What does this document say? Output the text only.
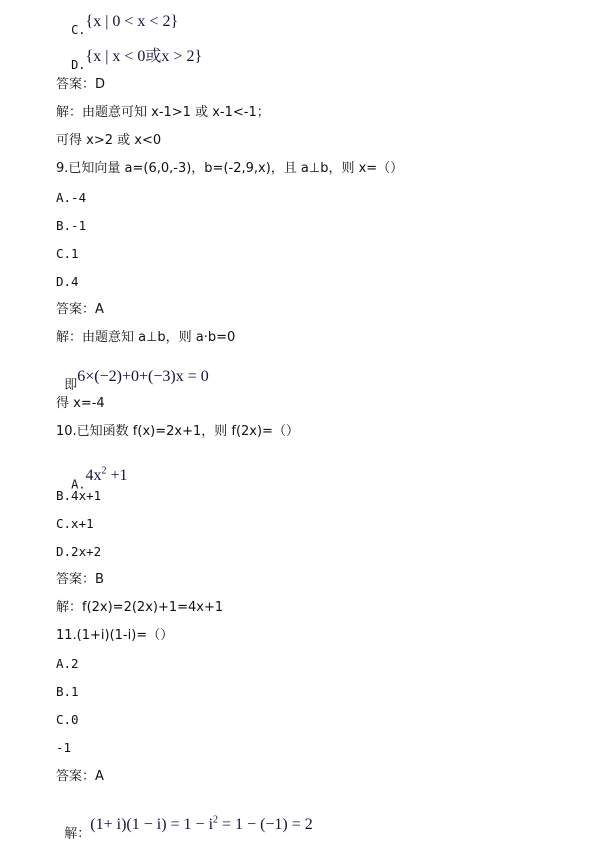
C.{x | 0 < x < 2}

D.{x | x < 0或x > 2}

答案：D
解：由题意可知 x-1>1 或 x-1<-1；
可得 x>2 或 x<0
9.已知向量 a=(6,0,-3)，b=(-2,9,x)，且 a⊥b，则 x=（）
A.-4
B.-1
C.1
D.4
答案：A
解：由题意知 a⊥b，则 a·b=0

即6×(−2)+0+(−3)x = 0

得 x=-4
10.已知函数 f(x)=2x+1，则 f(2x)=（）

$A.4x^2 +1$

B.4x+1
C.x+1
D.2x+2
答案：B
解：f(2x)=2(2x)+1=4x+1
11.(1+i)(1-i)=（）
A.2
B.1
C.0
-1
答案：A

解：$(1+ i)(1 - i) = 1 - i^2 = 1 - (-1) = 2$
